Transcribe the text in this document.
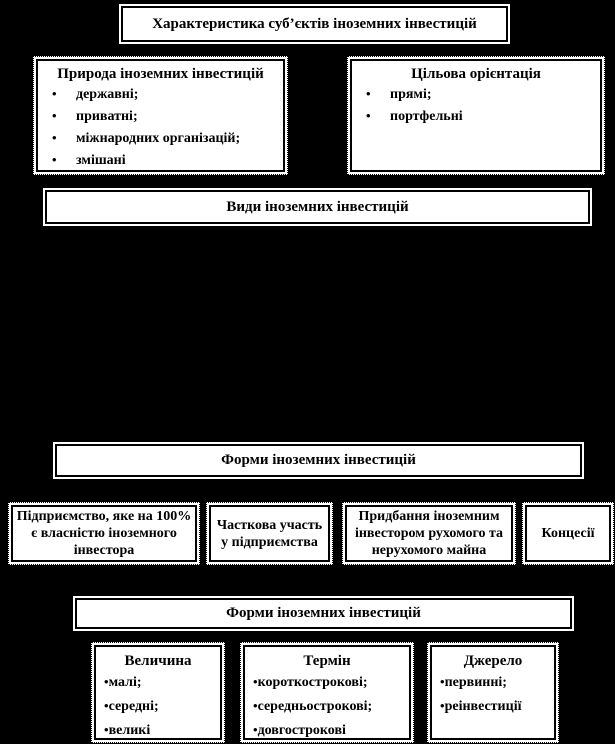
Характеристика суб’єктів іноземних інвестицій
Природа іноземних інвестицій
•	державні;
•	приватні;
•	міжнародних організацій;
•	змішані
Цільова орієнтація
•	прямі;
•	портфельні
Види іноземних інвестицій
Форми іноземних інвестицій
Підприємство, яке на 100% є власністю іноземного інвестора
Часткова участь у підприємства
Придбання іноземним інвестором рухомого та нерухомого майна
Концесії
Форми іноземних інвестицій
Величина
• малі;
• середні;
• великі
Термін
• короткострокові;
• середньострокові;
• довгострокові
Джерело
• первинні;
• реінвестиції
